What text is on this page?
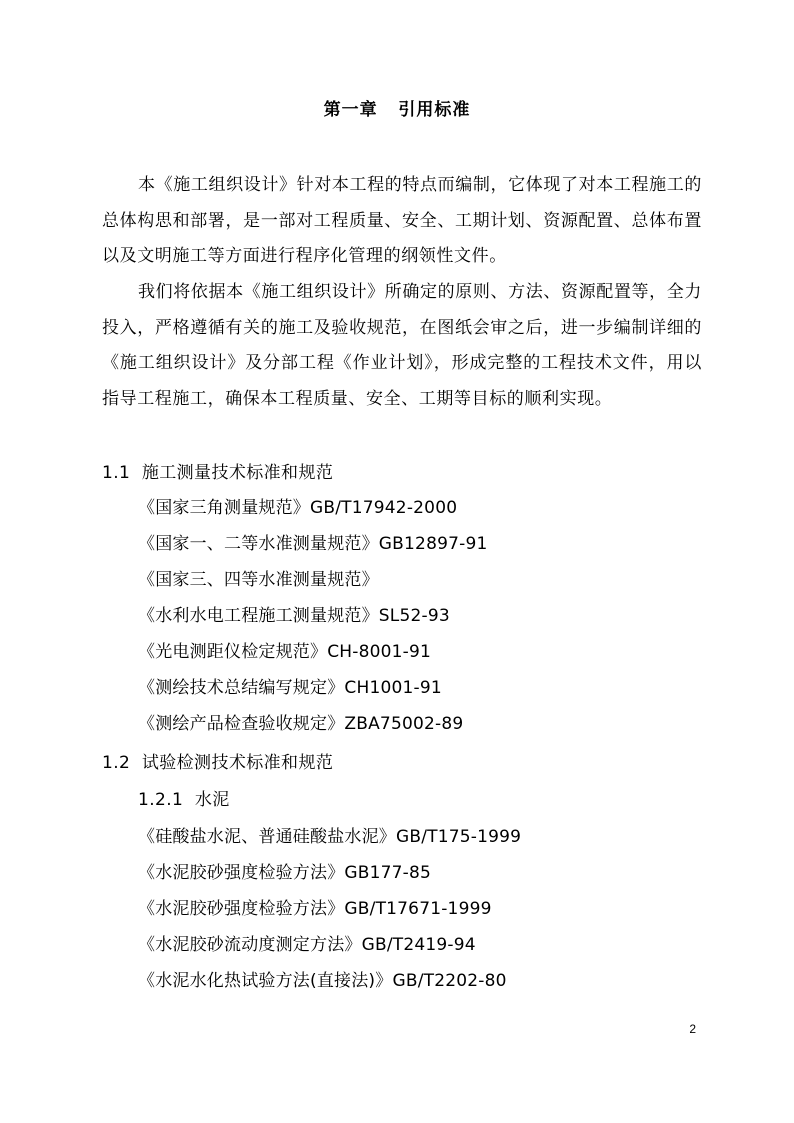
第一章   引用标准
本《施工组织设计》针对本工程的特点而编制，它体现了对本工程施工的总体构思和部署，是一部对工程质量、安全、工期计划、资源配置、总体布置以及文明施工等方面进行程序化管理的纲领性文件。
我们将依据本《施工组织设计》所确定的原则、方法、资源配置等，全力投入，严格遵循有关的施工及验收规范，在图纸会审之后，进一步编制详细的《施工组织设计》及分部工程《作业计划》，形成完整的工程技术文件，用以指导工程施工，确保本工程质量、安全、工期等目标的顺利实现。
1.1  施工测量技术标准和规范
《国家三角测量规范》GB/T17942-2000
《国家一、二等水准测量规范》GB12897-91
《国家三、四等水准测量规范》
《水利水电工程施工测量规范》SL52-93
《光电测距仪检定规范》CH-8001-91
《测绘技术总结编写规定》CH1001-91
《测绘产品检查验收规定》ZBA75002-89
1.2  试验检测技术标准和规范
1.2.1  水泥
《硅酸盐水泥、普通硅酸盐水泥》GB/T175-1999
《水泥胶砂强度检验方法》GB177-85
《水泥胶砂强度检验方法》GB/T17671-1999
《水泥胶砂流动度测定方法》GB/T2419-94
《水泥水化热试验方法(直接法)》GB/T2202-80
2
